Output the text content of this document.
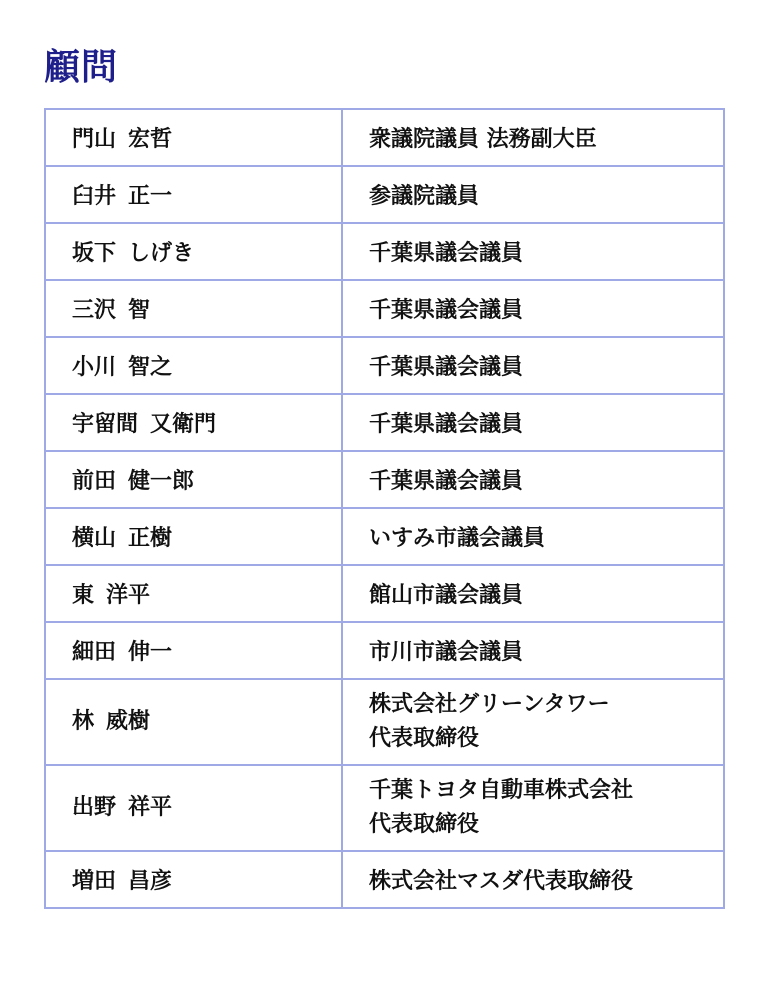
顧問
門山 宏哲	衆議院議員 法務副大臣

臼井 正一	参議院議員

坂下 しげき	千葉県議会議員

三沢 智	千葉県議会議員

小川 智之	千葉県議会議員

宇留間 又衛門	千葉県議会議員

前田 健一郎	千葉県議会議員

横山 正樹	いすみ市議会議員

東 洋平	館山市議会議員

細田 伸一	市川市議会議員

林 威樹	株式会社グリーンタワー
代表取締役

出野 祥平	千葉トヨタ自動車株式会社
代表取締役

増田 昌彦	株式会社マスダ代表取締役
